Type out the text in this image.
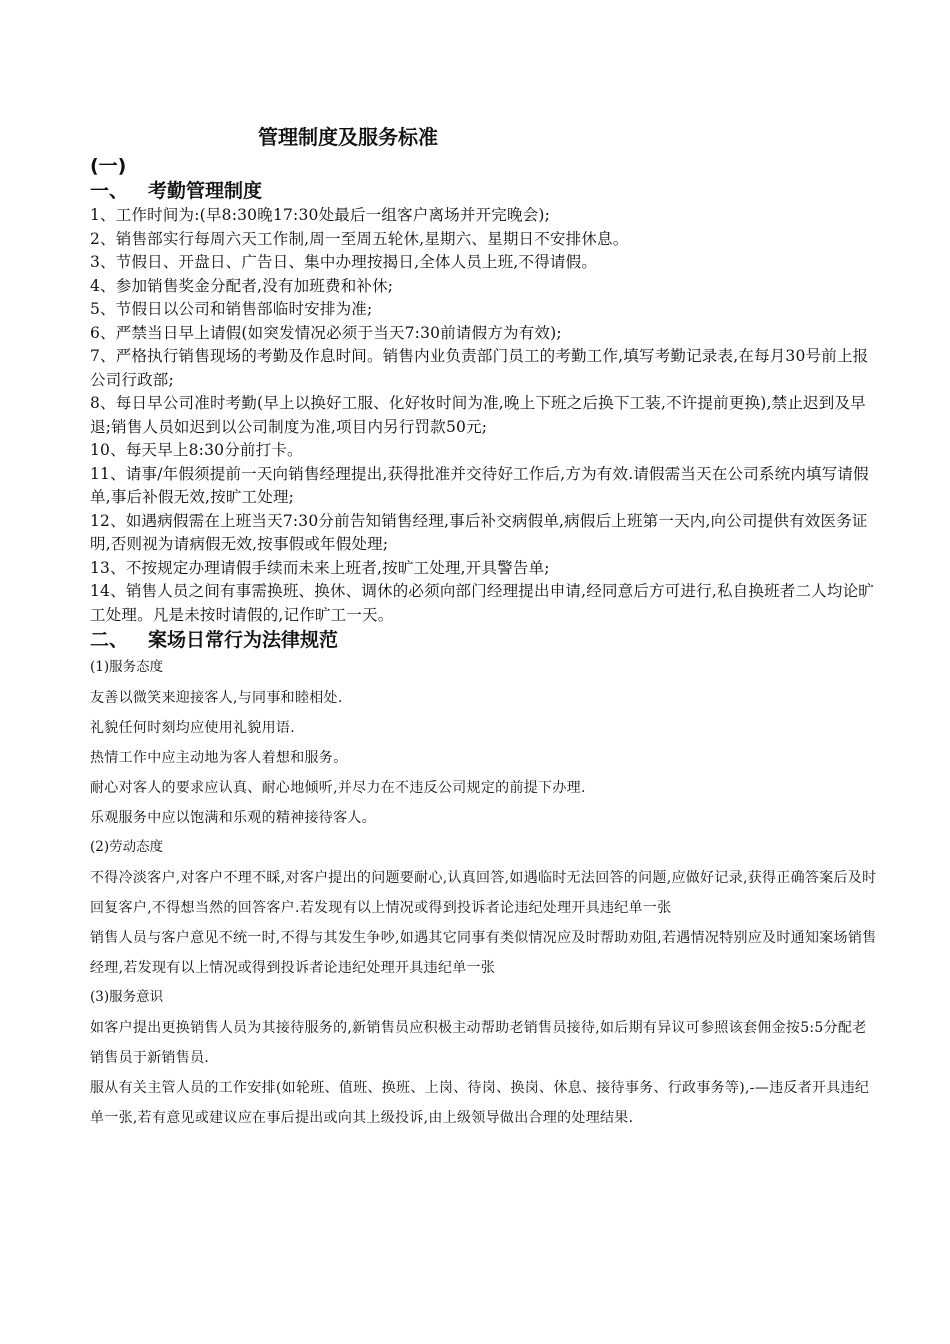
管理制度及服务标准

(一)

一、	考勤管理制度

1、工作时间为:(早8:30晚17:30处最后一组客户离场并开完晚会);

2、销售部实行每周六天工作制,周一至周五轮休,星期六、星期日不安排休息。

3、节假日、开盘日、广告日、集中办理按揭日,全体人员上班,不得请假。

4、参加销售奖金分配者,没有加班费和补休;

5、节假日以公司和销售部临时安排为准;

6、严禁当日早上请假(如突发情况必须于当天7:30前请假方为有效);

7、严格执行销售现场的考勤及作息时间。销售内业负责部门员工的考勤工作,填写考勤记录表,在每月30号前上报公司行政部;

8、每日早公司准时考勤(早上以换好工服、化好妆时间为准,晚上下班之后换下工装,不许提前更换),禁止迟到及早退;销售人员如迟到以公司制度为准,项目内另行罚款50元;

10、每天早上8:30分前打卡。

11、请事/年假须提前一天向销售经理提出,获得批准并交待好工作后,方为有效.请假需当天在公司系统内填写请假单,事后补假无效,按旷工处理;

12、如遇病假需在上班当天7:30分前告知销售经理,事后补交病假单,病假后上班第一天内,向公司提供有效医务证明,否则视为请病假无效,按事假或年假处理;

13、不按规定办理请假手续而未来上班者,按旷工处理,开具警告单;

14、销售人员之间有事需换班、换休、调休的必须向部门经理提出申请,经同意后方可进行,私自换班者二人均论旷工处理。凡是未按时请假的,记作旷工一天。

二、	案场日常行为法律规范

(1)服务态度

友善以微笑来迎接客人,与同事和睦相处.

礼貌任何时刻均应使用礼貌用语.

热情工作中应主动地为客人着想和服务。

耐心对客人的要求应认真、耐心地倾听,并尽力在不违反公司规定的前提下办理.

乐观服务中应以饱满和乐观的精神接待客人。

(2)劳动态度

不得冷淡客户,对客户不理不睬,对客户提出的问题要耐心,认真回答,如遇临时无法回答的问题,应做好记录,获得正确答案后及时回复客户,不得想当然的回答客户.若发现有以上情况或得到投诉者论违纪处理开具违纪单一张

销售人员与客户意见不统一时,不得与其发生争吵,如遇其它同事有类似情况应及时帮助劝阻,若遇情况特别应及时通知案场销售经理,若发现有以上情况或得到投诉者论违纪处理开具违纪单一张

(3)服务意识

如客户提出更换销售人员为其接待服务的,新销售员应积极主动帮助老销售员接待,如后期有异议可参照该套佣金按5:5分配老销售员于新销售员.

服从有关主管人员的工作安排(如轮班、值班、换班、上岗、待岗、换岗、休息、接待事务、行政事务等),-—违反者开具违纪单一张,若有意见或建议应在事后提出或向其上级投诉,由上级领导做出合理的处理结果.
